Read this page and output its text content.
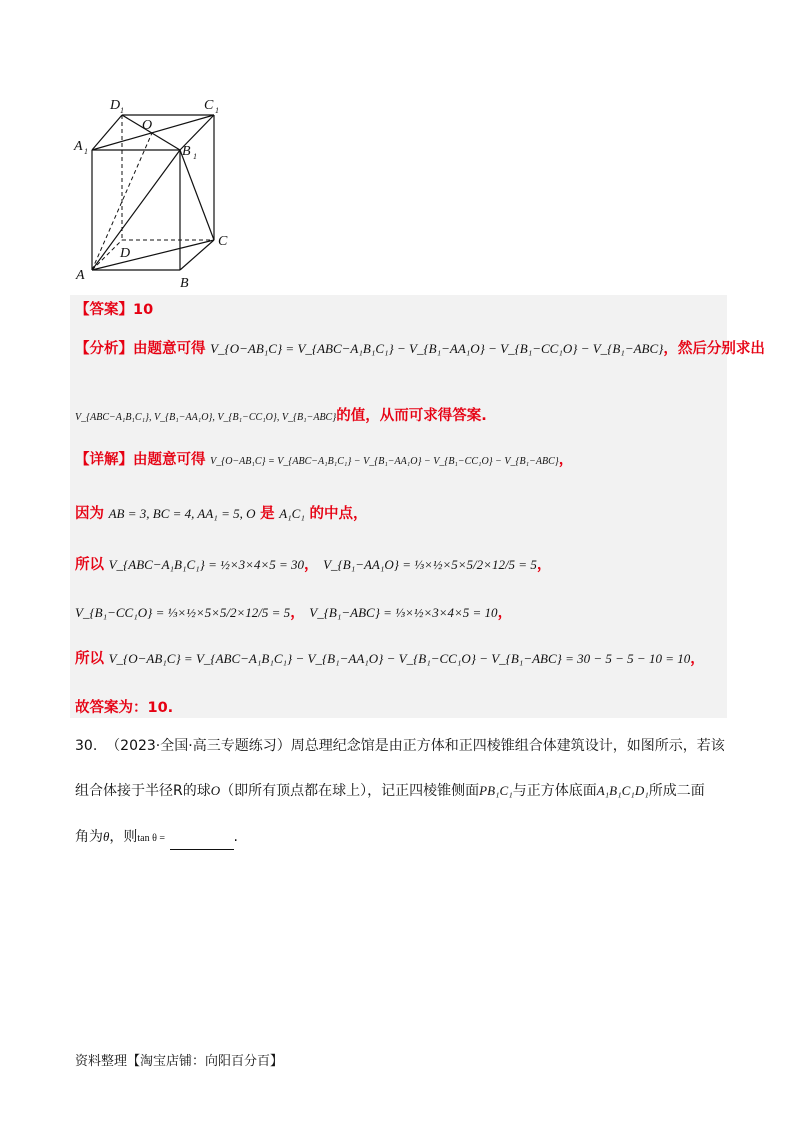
D 1	C 1
A 1	B 1
O
D
C
A
B
【答案】10
【分析】由题意可得 V_{O−AB₁C} = V_{ABC−A₁B₁C₁} − V_{B₁−AA₁O} − V_{B₁−CC₁O} − V_{B₁−ABC}，然后分别求出
V_{ABC−A₁B₁C₁}, V_{B₁−AA₁O}, V_{B₁−CC₁O}, V_{B₁−ABC}的值，从而可求得答案.
【详解】由题意可得 V_{O−AB₁C} = V_{ABC−A₁B₁C₁} − V_{B₁−AA₁O} − V_{B₁−CC₁O} − V_{B₁−ABC}，
因为 AB = 3, BC = 4, AA₁ = 5, O 是 A₁C₁ 的中点，
所以 V_{ABC−A₁B₁C₁} = ½×3×4×5 = 30， V_{B₁−AA₁O} = ⅓×½×5×5/2×12/5 = 5，
V_{B₁−CC₁O} = ⅓×½×5×5/2×12/5 = 5， V_{B₁−ABC} = ⅓×½×3×4×5 = 10，
所以 V_{O−AB₁C} = V_{ABC−A₁B₁C₁} − V_{B₁−AA₁O} − V_{B₁−CC₁O} − V_{B₁−ABC} = 30 − 5 − 5 − 10 = 10，
故答案为：10.
30. （2023·全国·高三专题练习）周总理纪念馆是由正方体和正四棱锥组合体建筑设计，如图所示，若该
组合体接于半径R的球O（即所有顶点都在球上），记正四棱锥侧面PB₁C₁与正方体底面A₁B₁C₁D₁所成二面
角为θ，则tan θ =	.
资料整理【淘宝店铺：向阳百分百】
